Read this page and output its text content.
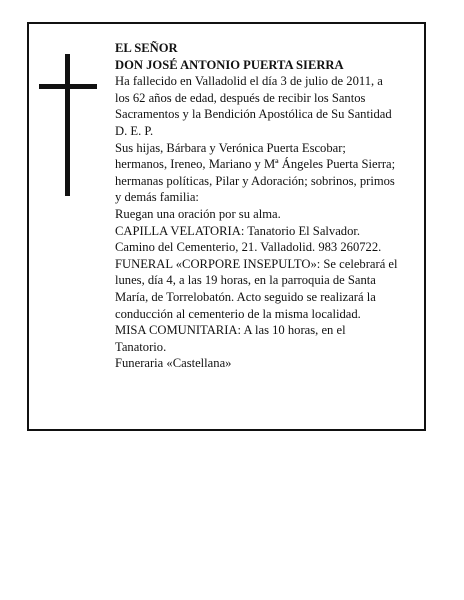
EL SEÑOR
DON JOSÉ ANTONIO PUERTA SIERRA
Ha fallecido en Valladolid el día 3 de julio de 2011, a
los 62 años de edad, después de recibir los Santos
Sacramentos y la Bendición Apostólica de Su Santidad
D. E. P.
Sus hijas, Bárbara y Verónica Puerta Escobar;
hermanos, Ireneo, Mariano y Mª Ángeles Puerta Sierra;
hermanas políticas, Pilar y Adoración; sobrinos, primos
y demás familia:
Ruegan una oración por su alma.
CAPILLA VELATORIA: Tanatorio El Salvador.
Camino del Cementerio, 21. Valladolid. 983 260722.
FUNERAL «CORPORE INSEPULTO»: Se celebrará el
lunes, día 4, a las 19 horas, en la parroquia de Santa
María, de Torrelobatón. Acto seguido se realizará la
conducción al cementerio de la misma localidad.
MISA COMUNITARIA: A las 10 horas, en el
Tanatorio.
Funeraria «Castellana»
